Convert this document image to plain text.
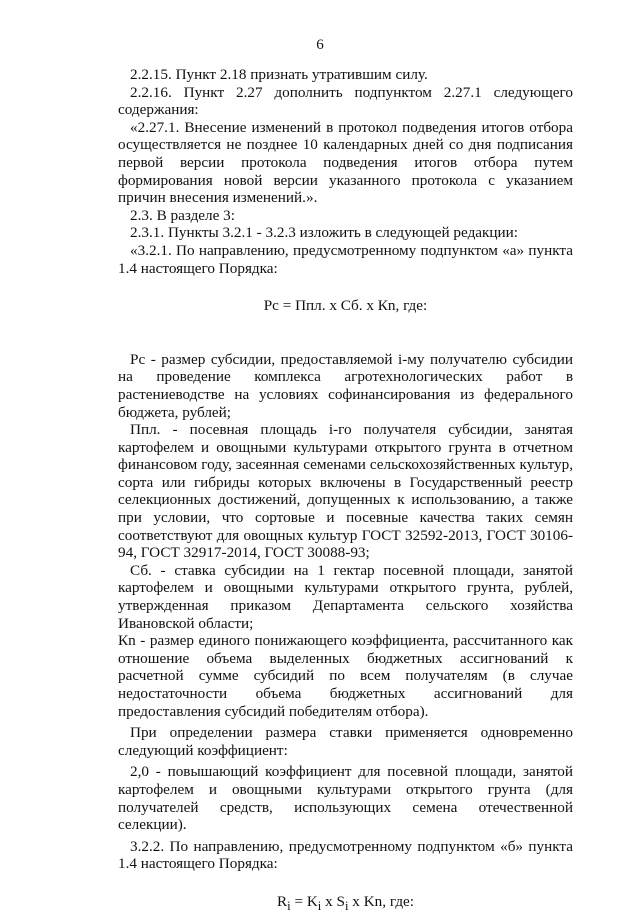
6

2.2.15. Пункт 2.18 признать утратившим силу.

2.2.16. Пункт 2.27 дополнить подпунктом 2.27.1 следующего содержания:

«2.27.1. Внесение изменений в протокол подведения итогов отбора осуществляется не позднее 10 календарных дней со дня подписания первой версии протокола подведения итогов отбора путем формирования новой версии указанного протокола с указанием причин внесения изменений.».

2.3. В разделе 3:

2.3.1. Пункты 3.2.1 - 3.2.3 изложить в следующей редакции:

«3.2.1. По направлению, предусмотренному подпунктом «а» пункта 1.4 настоящего Порядка:

Рс = Ппл. х Сб. х Кn, где:

Рс - размер субсидии, предоставляемой i-му получателю субсидии на проведение комплекса агротехнологических работ в растениеводстве на условиях софинансирования из федерального бюджета, рублей;

Ппл. - посевная площадь i-го получателя субсидии, занятая картофелем и овощными культурами открытого грунта в отчетном финансовом году, засеянная семенами сельскохозяйственных культур, сорта или гибриды которых включены в Государственный реестр селекционных достижений, допущенных к использованию, а также при условии, что сортовые и посевные качества таких семян соответствуют для овощных культур ГОСТ 32592-2013, ГОСТ 30106-94, ГОСТ 32917-2014, ГОСТ 30088-93;

Сб. - ставка субсидии на 1 гектар посевной площади, занятой картофелем и овощными культурами открытого грунта, рублей, утвержденная приказом Департамента сельского хозяйства Ивановской области;

Кn - размер единого понижающего коэффициента, рассчитанного как отношение объема выделенных бюджетных ассигнований к расчетной сумме субсидий по всем получателям (в случае недостаточности объема бюджетных ассигнований для предоставления субсидий победителям отбора).

При определении размера ставки применяется одновременно следующий коэффициент:

2,0 - повышающий коэффициент для посевной площади, занятой картофелем и овощными культурами открытого грунта (для получателей средств, использующих семена отечественной селекции).

3.2.2. По направлению, предусмотренному подпунктом «б» пункта 1.4 настоящего Порядка:

$R_i = K_i$ x $S_i$ x Kn, где:
